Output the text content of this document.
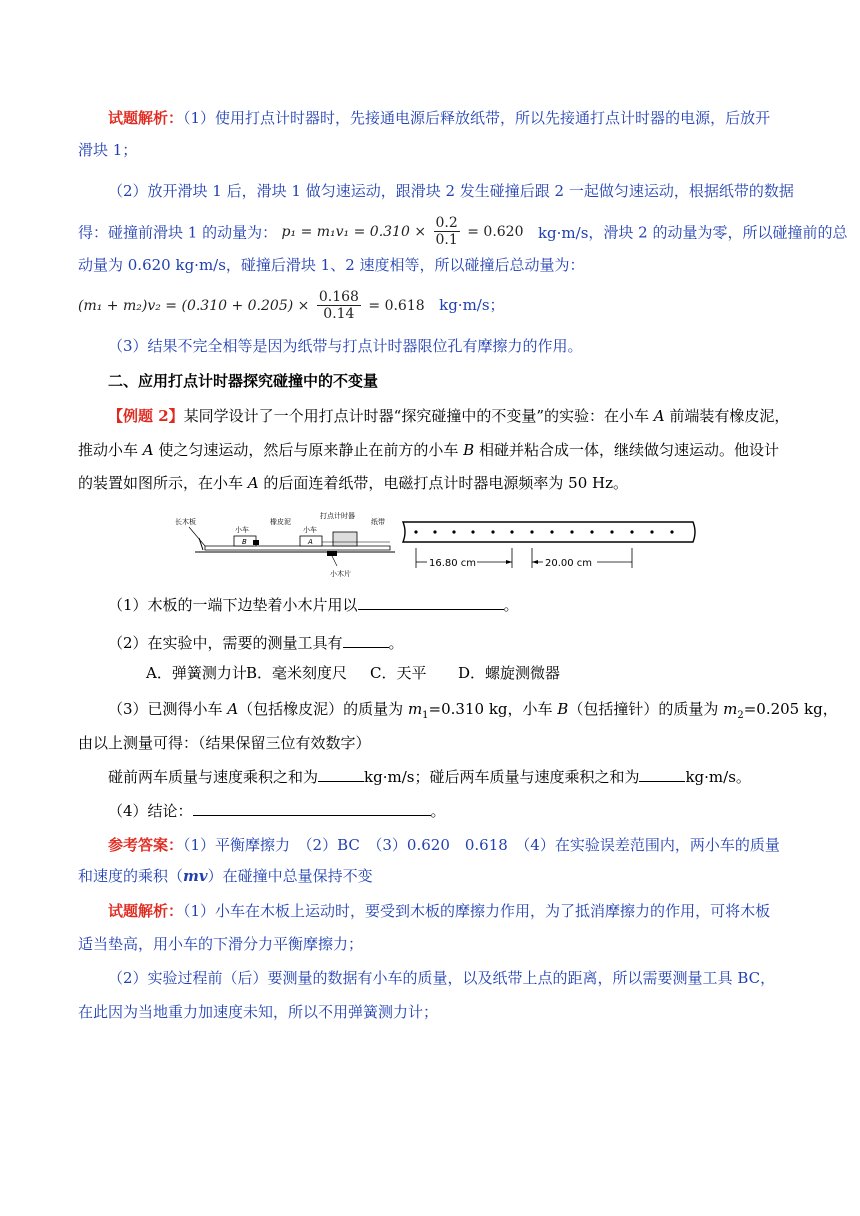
试题解析：（1）使用打点计时器时，先接通电源后释放纸带，所以先接通打点计时器的电源，后放开
滑块 1；
（2）放开滑块 1 后，滑块 1 做匀速运动，跟滑块 2 发生碰撞后跟 2 一起做匀速运动，根据纸带的数据
得：碰撞前滑块 1 的动量为： $p_1 = m_1v_1 = 0.310 \times \frac{0.2}{0.1} = 0.620$ kg·m/s，滑块 2 的动量为零，所以碰撞前的总
动量为 0.620 kg·m/s，碰撞后滑块 1、2 速度相等，所以碰撞后总动量为：
$(m_1 + m_2)v_2 = (0.310 + 0.205) \times \frac{0.168}{0.14} = 0.618$ kg·m/s；
（3）结果不完全相等是因为纸带与打点计时器限位孔有摩擦力的作用。
二、应用打点计时器探究碰撞中的不变量
【例题 2】某同学设计了一个用打点计时器“探究碰撞中的不变量”的实验：在小车 A 前端装有橡皮泥，
推动小车 A 使之匀速运动，然后与原来静止在前方的小车 B 相碰并粘合成一体，继续做匀速运动。他设计
的装置如图所示，在小车 A 的后面连着纸带，电磁打点计时器电源频率为 50 Hz。
长木板
小车
橡皮泥
小车
打点计时器
纸带
B	A
小木片
16.80 cm	20.00 cm
（1）木板的一端下边垫着小木片用以	。
（2）在实验中，需要的测量工具有	。
A．弹簧测力计B．毫米刻度尺 C．天平 D．螺旋测微器
（3）已测得小车 A（包括橡皮泥）的质量为 $m_1=0.310$ kg，小车 B（包括撞针）的质量为 $m_2=0.205$ kg，
由以上测量可得：（结果保留三位有效数字）
碰前两车质量与速度乘积之和为	kg·m/s；碰后两车质量与速度乘积之和为	kg·m/s。
（4）结论：	。
参考答案：（1）平衡摩擦力　（2）BC　（3）0.620　0.618　（4）在实验误差范围内，两小车的质量
和速度的乘积（mv）在碰撞中总量保持不变
试题解析：（1）小车在木板上运动时，要受到木板的摩擦力作用，为了抵消摩擦力的作用，可将木板
适当垫高，用小车的下滑分力平衡摩擦力；
（2）实验过程前（后）要测量的数据有小车的质量，以及纸带上点的距离，所以需要测量工具 BC，
在此因为当地重力加速度未知，所以不用弹簧测力计；
